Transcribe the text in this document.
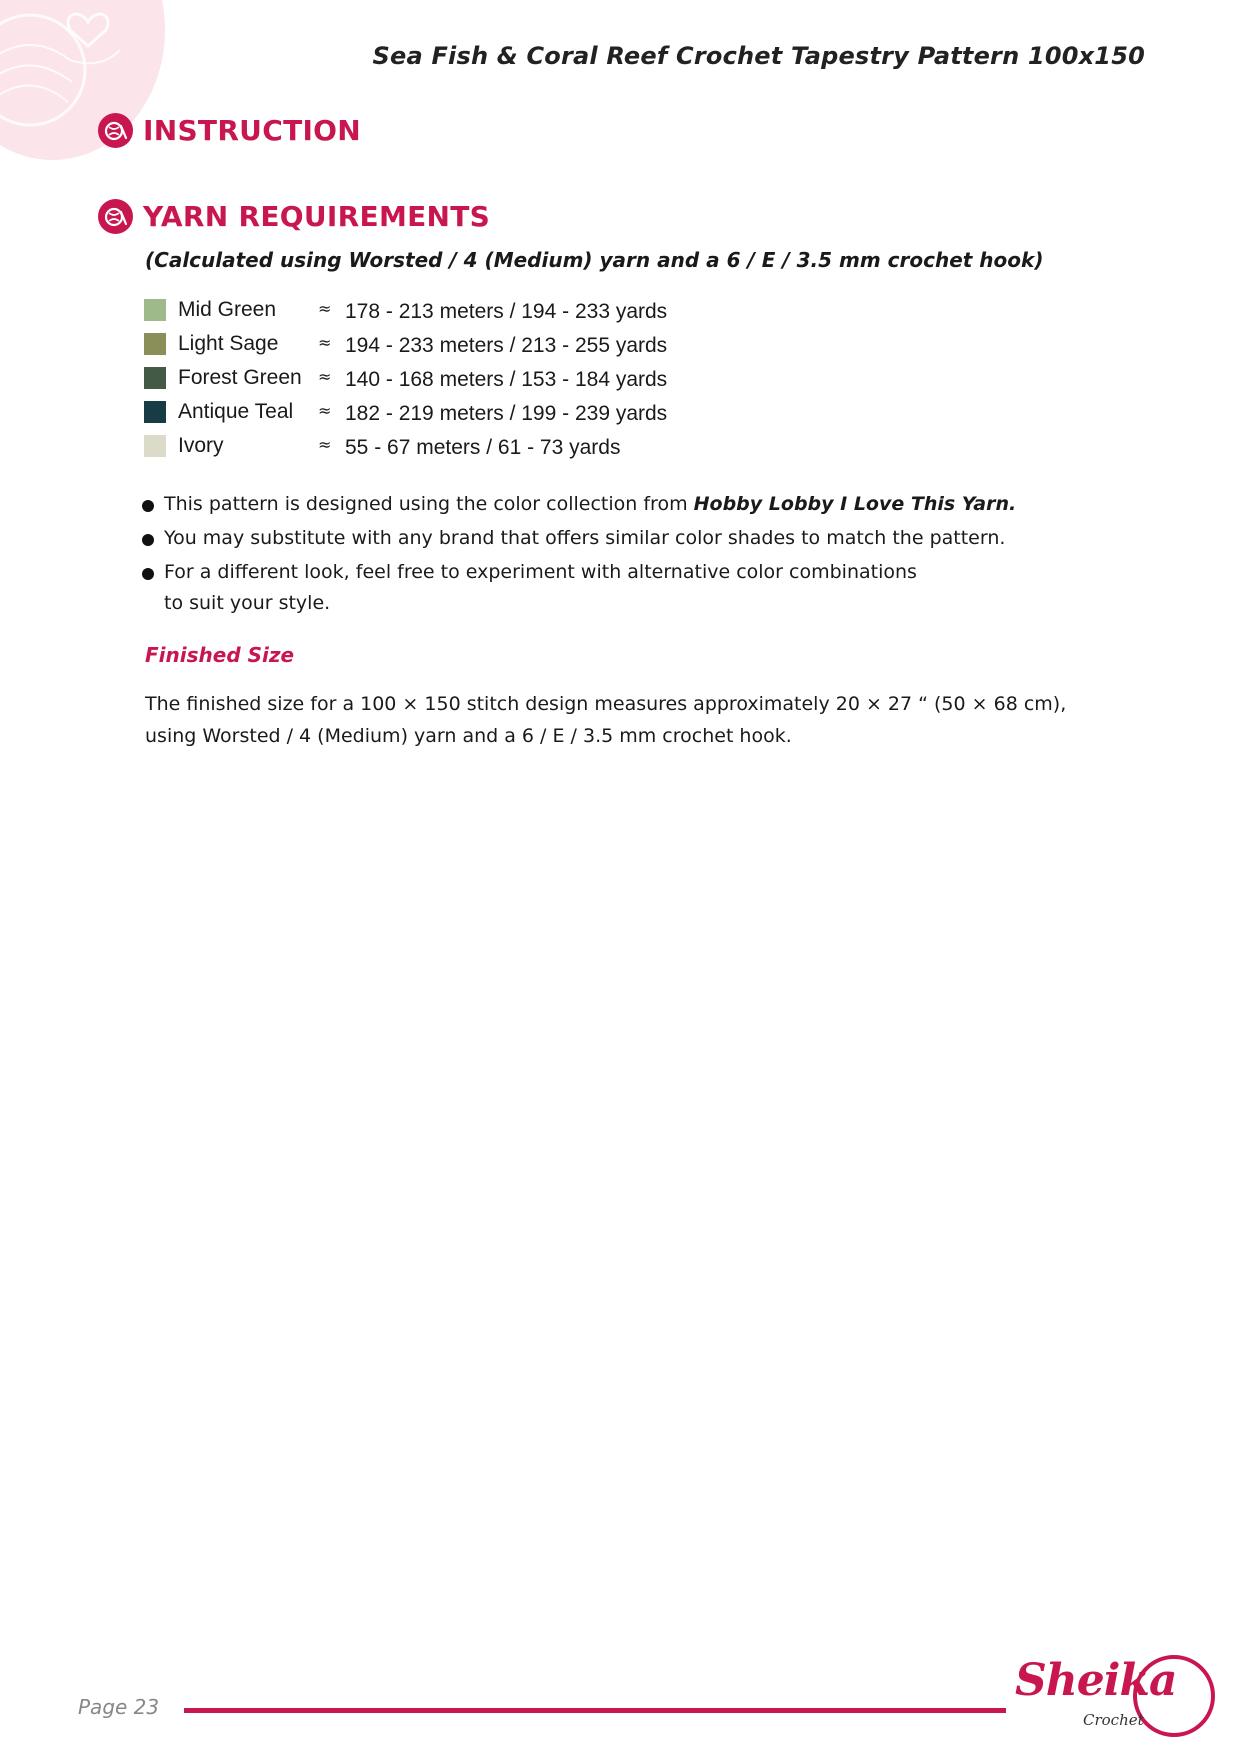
Sea Fish & Coral Reef Crochet Tapestry Pattern 100x150
INSTRUCTION
YARN REQUIREMENTS
(Calculated using Worsted / 4 (Medium) yarn and a 6 / E / 3.5 mm crochet hook)
Mid Green	≈ 178 - 213 meters / 194 - 233 yards
Light Sage ≈ 194 - 233 meters / 213 - 255 yards
Forest Green ≈ 140 - 168 meters / 153 - 184 yards
Antique Teal ≈ 182 - 219 meters / 199 - 239 yards
Ivory	≈ 55 - 67 meters / 61 - 73 yards
This pattern is designed using the color collection from Hobby Lobby I Love This Yarn.
You may substitute with any brand that offers similar color shades to match the pattern.
For a different look, feel free to experiment with alternative color combinations
to suit your style.
Finished Size
The finished size for a 100 × 150 stitch design measures approximately 20 × 27 “ (50 × 68 cm),
using Worsted / 4 (Medium) yarn and a 6 / E / 3.5 mm crochet hook.
Page 23
Sheika
Crochet
